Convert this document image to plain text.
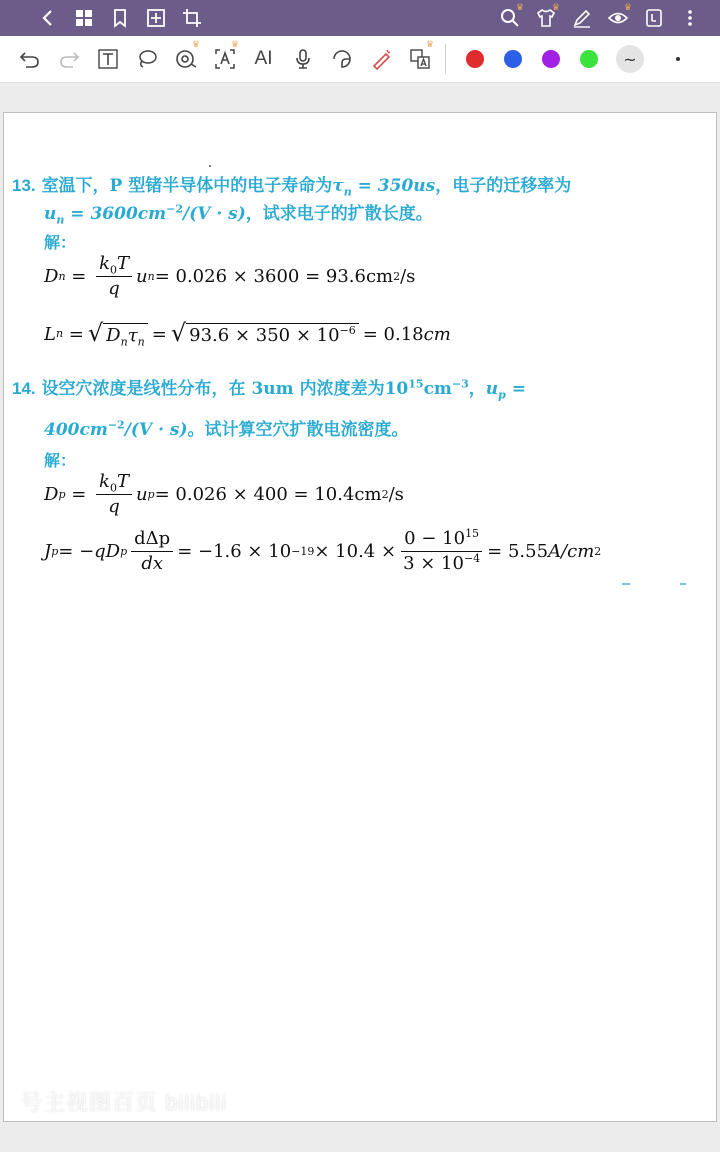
♛	♛	♛
♛	♛
AI
♛
~
13. 室温下，P 型锗半导体中的电子寿命为$\tau_n = 350us$，电子的迁移率为
$u_n = 3600cm^{-2}/(V \cdot s)$，试求电子的扩散长度。
解：
D $n = \frac{k_0T}{q}$ u n = 0.026 × 3600 = 93.6cm 2 /s
L n = √ $D_n\tau_n$ = √ $93.6 \times 350 \times 10^{-6} = 0.18$ cm
14. 设空穴浓度是线性分布，在 3um 内浓度差为$10^{15}cm^{-3}$，$u_p$ =
$400cm^{-2}/(V \cdot s)$。试计算空穴扩散电流密度。
解：
D $p = \frac{k_0T}{q}$ u p = 0.026 × 400 = 10.4cm 2 /s
J p = −qD p $\frac{\text{dΔp}}{dx} = -1.6 \times 10 -19 \times 10.4 \times \frac{0 - 10^{15}}{3 \times 10^{-4}} = 5.55$ A/cm 2
号主视图百页 bilibili
